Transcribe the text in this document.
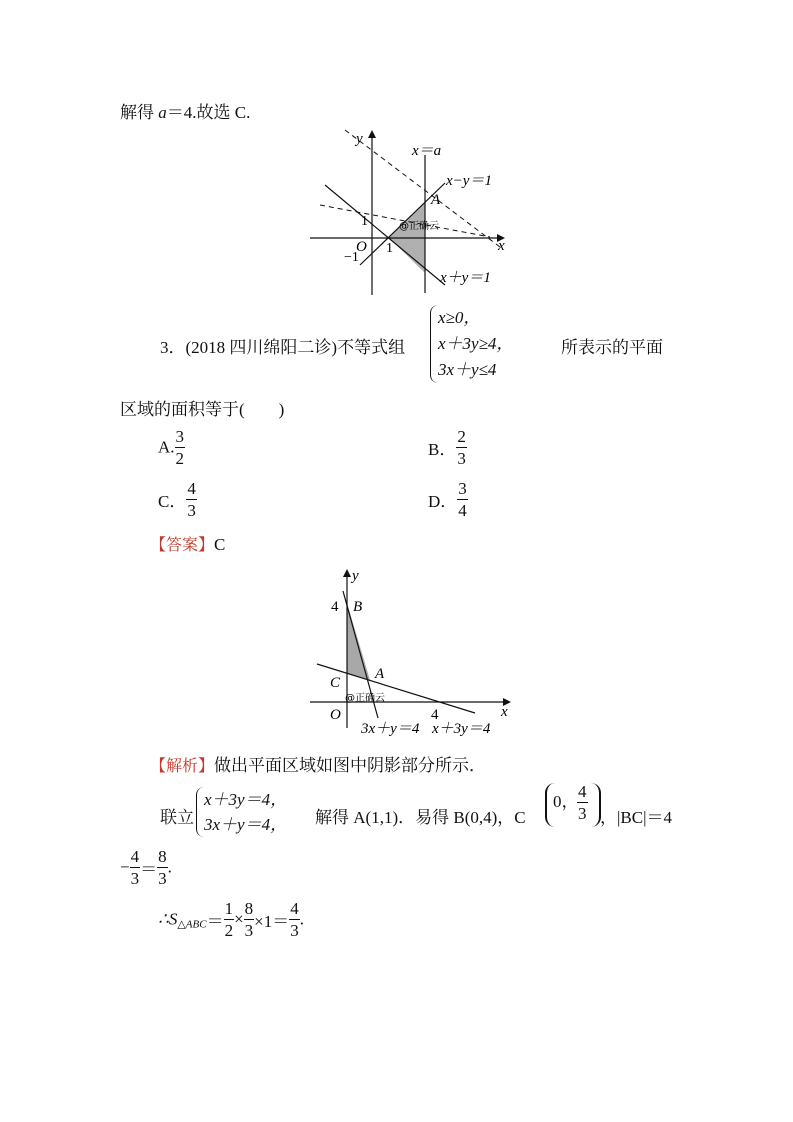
解得 a＝4.故选 C.
y
x
x＝a
x−y＝1
A
O
1
1
−1
x＋y＝1
@正确云
3．(2018 四川绵阳二诊)不等式组
x≥0，
x＋3y≥4，
3x＋y≤4
所表示的平面
区域的面积等于(　　)
A. $\frac{3}{2}$	B． $\frac{2}{3}$
C． $\frac{4}{3}$	D． $\frac{3}{4}$
【答案】C
y
x
4 B
A
C
O	4
3x＋y＝4 x＋3y＝4
@正确云
【解析】做出平面区域如图中阴影部分所示．
联立
x＋3y＝4，
3x＋y＝4， 解得 A(1,1)．易得 B(0,4)，C
0，
$\frac{4}{3}$ ，|BC|＝4
− $\frac{4}{3} = \frac{8}{3}$ .
$\therefore S_{\triangle ABC}= \frac{1}{2} \times \frac{8}{3} \times 1= \frac{4}{3}$ .
